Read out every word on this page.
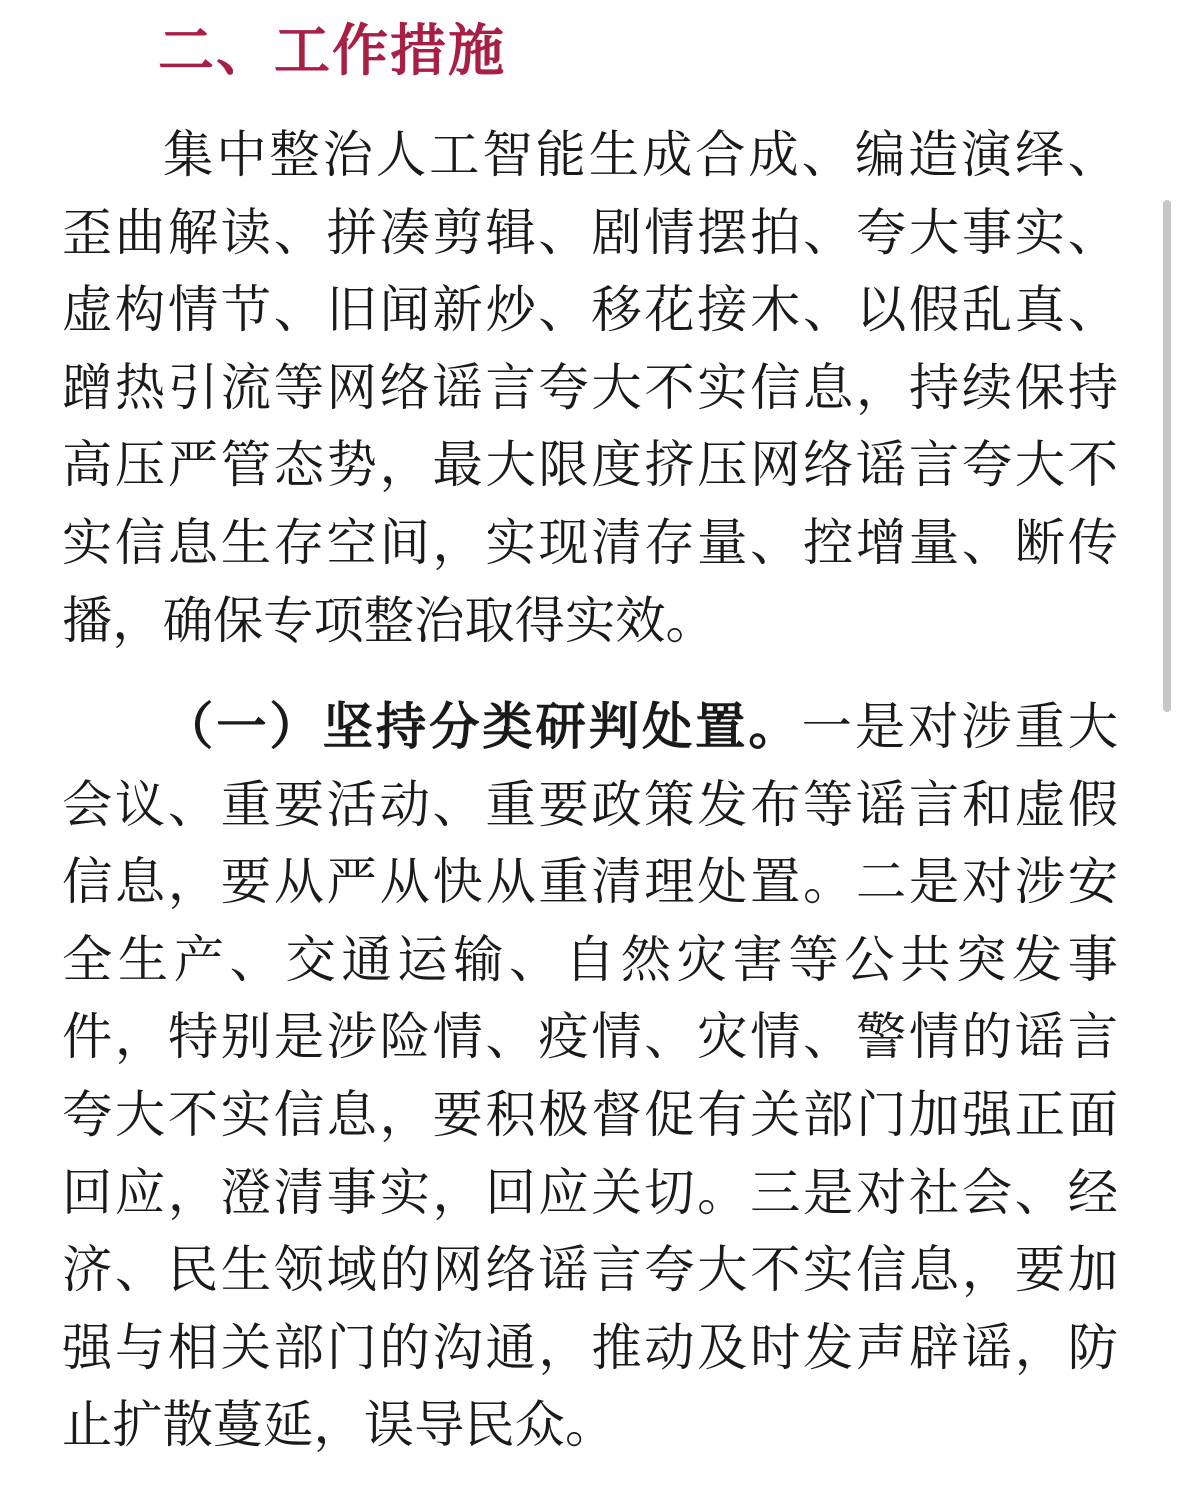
二、工作措施

集中整治人工智能生成合成、编造演绎、歪曲解读、拼凑剪辑、剧情摆拍、夸大事实、虚构情节、旧闻新炒、移花接木、以假乱真、蹭热引流等网络谣言夸大不实信息，持续保持高压严管态势，最大限度挤压网络谣言夸大不实信息生存空间，实现清存量、控增量、断传播，确保专项整治取得实效。

（一）坚持分类研判处置。一是对涉重大会议、重要活动、重要政策发布等谣言和虚假信息，要从严从快从重清理处置。二是对涉安全生产、交通运输、自然灾害等公共突发事件，特别是涉险情、疫情、灾情、警情的谣言夸大不实信息，要积极督促有关部门加强正面回应，澄清事实，回应关切。三是对社会、经济、民生领域的网络谣言夸大不实信息，要加强与相关部门的沟通，推动及时发声辟谣，防止扩散蔓延，误导民众。
